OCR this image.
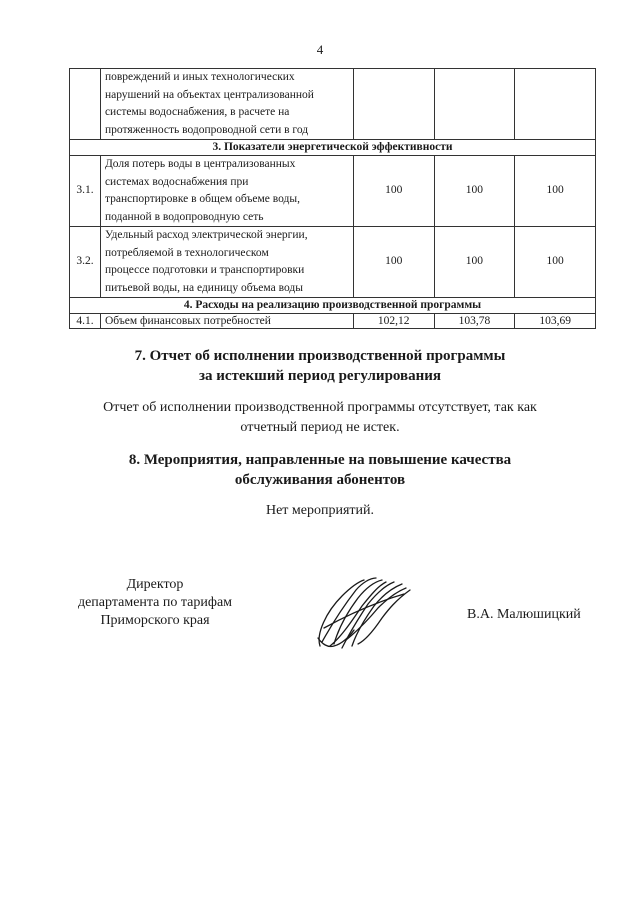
4

	повреждений и иных технологических
нарушений на объектах централизованной
системы водоснабжения, в расчете на
протяженность водопроводной сети в год			

3. Показатели энергетической эффективности				
3.1.	Доля потерь воды в централизованных
системах водоснабжения при
транспортировке в общем объеме воды,
поданной в водопроводную сеть	100	100	100
3.2.	Удельный расход электрической энергии,
потребляемой в технологическом
процессе подготовки и транспортировки
питьевой воды, на единицу объема воды	100	100	100
4. Расходы на реализацию производственной программы				
4.1.	Объем финансовых потребностей	102,12	103,78	103,69
7. Отчет об исполнении производственной программы
за истекший период регулирования
Отчет об исполнении производственной программы отсутствует, так как
отчетный период не истек.
8. Мероприятия, направленные на повышение качества
обслуживания абонентов
Нет мероприятий.
Директор
департамента по тарифам
Приморского края	В.А. Малюшицкий
